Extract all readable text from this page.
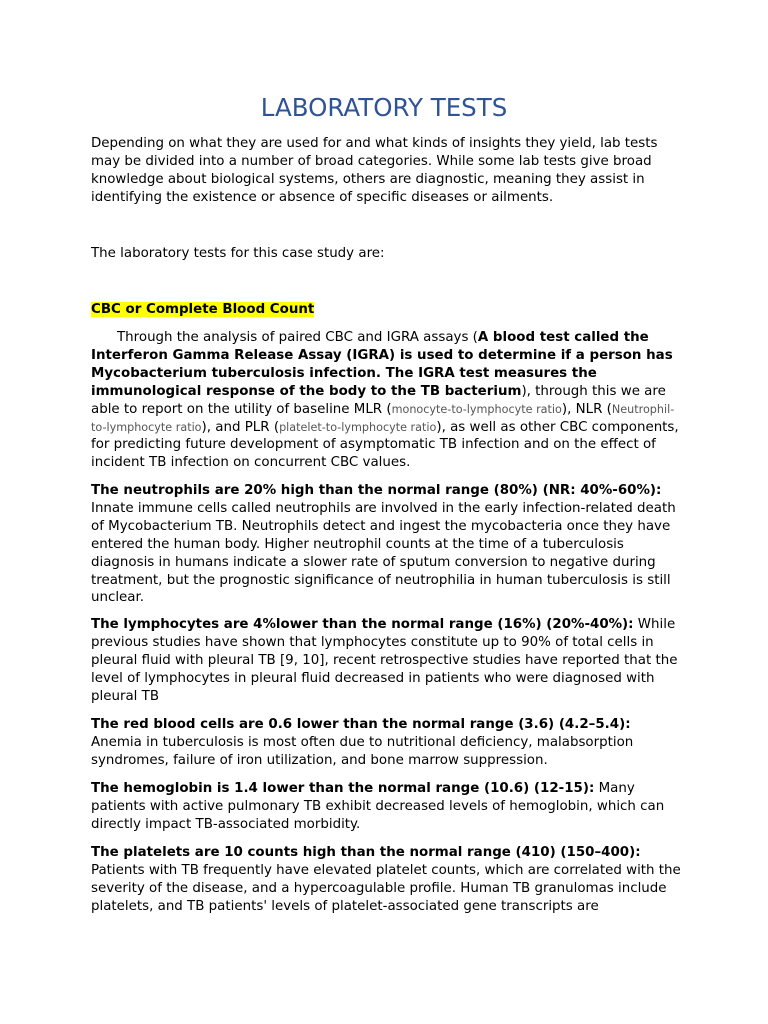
LABORATORY TESTS

Depending on what they are used for and what kinds of insights they yield, lab tests may be divided into a number of broad categories. While some lab tests give broad knowledge about biological systems, others are diagnostic, meaning they assist in identifying the existence or absence of specific diseases or ailments.

The laboratory tests for this case study are:

CBC or Complete Blood Count

Through the analysis of paired CBC and IGRA assays (A blood test called the Interferon Gamma Release Assay (IGRA) is used to determine if a person has Mycobacterium tuberculosis infection. The IGRA test measures the immunological response of the body to the TB bacterium), through this we are able to report on the utility of baseline MLR (monocyte-to-lymphocyte ratio), NLR (Neutrophil-to-lymphocyte ratio), and PLR (platelet-to-lymphocyte ratio), as well as other CBC components, for predicting future development of asymptomatic TB infection and on the effect of incident TB infection on concurrent CBC values.

The neutrophils are 20% high than the normal range (80%) (NR: 40%-60%): Innate immune cells called neutrophils are involved in the early infection-related death of Mycobacterium TB. Neutrophils detect and ingest the mycobacteria once they have entered the human body. Higher neutrophil counts at the time of a tuberculosis diagnosis in humans indicate a slower rate of sputum conversion to negative during treatment, but the prognostic significance of neutrophilia in human tuberculosis is still unclear.

The lymphocytes are 4%lower than the normal range (16%) (20%-40%): While previous studies have shown that lymphocytes constitute up to 90% of total cells in pleural fluid with pleural TB [9, 10], recent retrospective studies have reported that the level of lymphocytes in pleural fluid decreased in patients who were diagnosed with pleural TB

The red blood cells are 0.6 lower than the normal range (3.6) (4.2–5.4): Anemia in tuberculosis is most often due to nutritional deficiency, malabsorption syndromes, failure of iron utilization, and bone marrow suppression.

The hemoglobin is 1.4 lower than the normal range (10.6) (12-15): Many patients with active pulmonary TB exhibit decreased levels of hemoglobin, which can directly impact TB-associated morbidity.

The platelets are 10 counts high than the normal range (410) (150–400): Patients with TB frequently have elevated platelet counts, which are correlated with the severity of the disease, and a hypercoagulable profile. Human TB granulomas include platelets, and TB patients' levels of platelet-associated gene transcripts are
